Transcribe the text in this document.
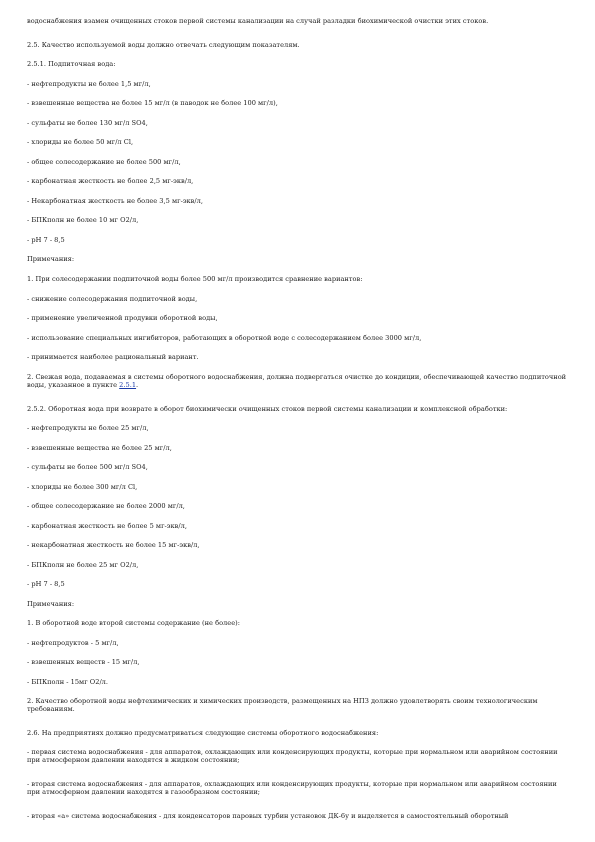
водоснабжения взамен очищенных стоков первой системы канализации на случай разладки биохимической очистки этих стоков.
2.5. Качество используемой воды должно отвечать следующим показателям.
2.5.1. Подпиточная вода:
- нефтепродукты не более 1,5 мг/л,
- взвешенные вещества не более 15 мг/л (в паводок не более 100 мг/л),
- сульфаты не более 130 мг/л SO4,
- хлориды не более 50 мг/л Cl,
- общее солесодержание не более 500 мг/л,
- карбонатная жесткость не более 2,5 мг-экв/л,
- Некарбонатная жесткость не более 3,5 мг-экв/л,
- БПКполн не более 10 мг O2/л,
- pH 7 - 8,5
Примечания:
1. При солесодержании подпиточной воды более 500 мг/л производится сравнение вариантов:
- снижение солесодержания подпиточной воды,
- применение увеличенной продувки оборотной воды,
- использование специальных ингибиторов, работающих в оборотной воде с солесодержанием более 3000 мг/л,
- принимается наиболее рациональный вариант.
2. Свежая вода, подаваемая в системы оборотного водоснабжения, должна подвергаться очистке до кондиции, обеспечивающей качество подпиточной воды, указанное в пункте 2.5.1.
2.5.2. Оборотная вода при возврате в оборот биохимически очищенных стоков первой системы канализации и комплексной обработки:
- нефтепродукты не более 25 мг/л,
- взвешенные вещества не более 25 мг/л,
- сульфаты не более 500 мг/л SO4,
- хлориды не более 300 мг/л Cl,
- общее солесодержание не более 2000 мг/л,
- карбонатная жесткость не более 5 мг-экв/л,
- некарбонатная жесткость не более 15 мг-экв/л,
- БПКполн не более 25 мг O2/л,
- pH 7 - 8,5
Примечания:
1. В оборотной воде второй системы содержание (не более):
- нефтепродуктов - 5 мг/л,
- взвешенных веществ - 15 мг/л,
- БПКполн - 15мг O2/л.
2. Качество оборотной воды нефтехимических и химических производств, размещенных на НПЗ должно удовлетворять своим технологическим требованиям.
2.6. На предприятиях должно предусматриваться следующие системы оборотного водоснабжения:
- первая система водоснабжения - для аппаратов, охлаждающих или конденсирующих продукты, которые при нормальном или аварийном состоянии при атмосферном давлении находятся в жидком состоянии;
- вторая система водоснабжения - для аппаратов, охлаждающих или конденсирующих продукты, которые при нормальном или аварийном состоянии при атмосферном давлении находятся в газообразном состоянии;
- вторая «а» система водоснабжения - для конденсаторов паровых турбин установок ДК-6у и выделяется в самостоятельный оборотный
